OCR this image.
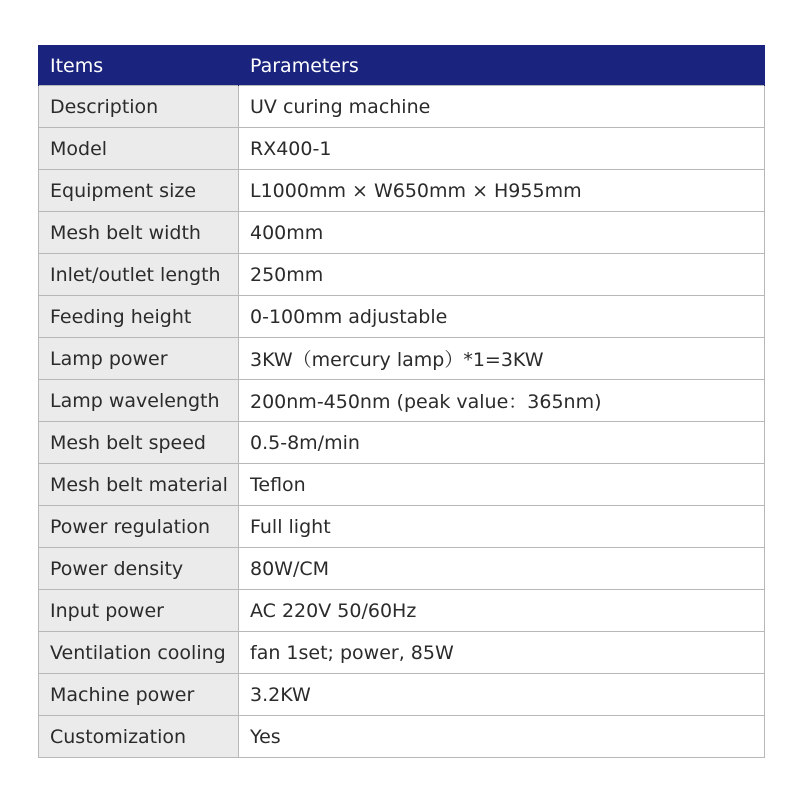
Items	Parameters
Description	UV curing machine
Model	RX400-1
Equipment size	L1000mm × W650mm × H955mm
Mesh belt width	400mm
Inlet/outlet length	250mm
Feeding height	0-100mm adjustable
Lamp power	3KW（mercury lamp）*1=3KW
Lamp wavelength	200nm-450nm (peak value：365nm)
Mesh belt speed	0.5-8m/min
Mesh belt material	Teflon
Power regulation	Full light
Power density	80W/CM
Input power	AC 220V 50/60Hz
Ventilation cooling	fan 1set; power, 85W
Machine power	3.2KW
Customization	Yes
